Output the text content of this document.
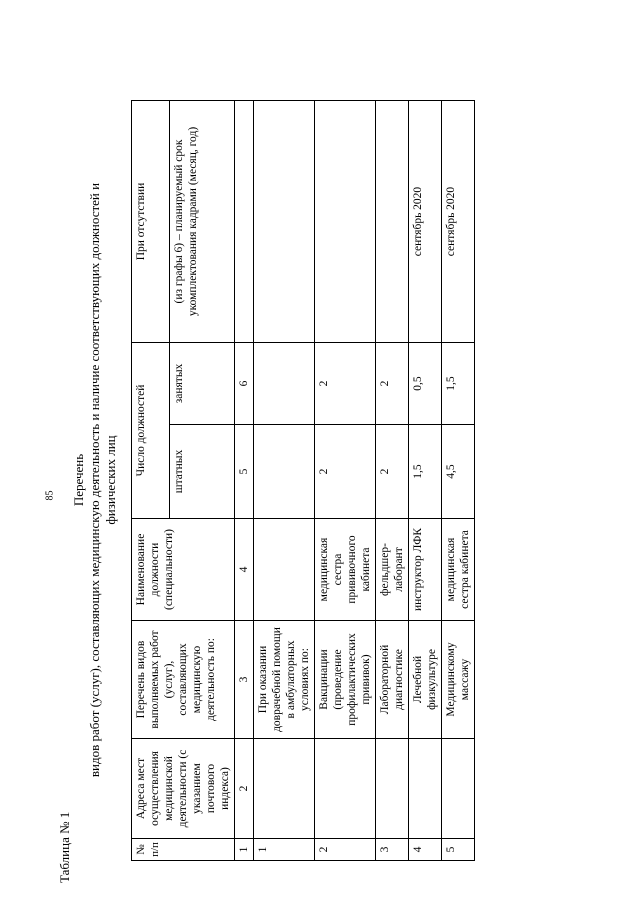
85
Таблица № 1
Перечень видов работ (услуг), составляющих медицинскую деятельность и наличие соответствующих должностей и физических лиц
№ п/п	Адреса мест осуществления медицинской деятельности (с указанием почтового индекса)	Перечень видов выполняемых работ (услуг), составляющих медицинскую деятельность по:	Наименование должности (специальности)	Число должностей		При отсутствии
				штатных	занятых	(из графы 6) – планируемый срок укомплектования кадрами (месяц, год)
1	2	3	4	5	6	
1		При оказании доврачебной помощи в амбулаторных условиях по:				
2		Вакцинации (проведение профилактических прививок)	медицинская сестра прививочного кабинета	2	2	
3		Лабораторной диагностике	фельдшер-лаборант	2	2	
4		Лечебной физкультуре	инструктор ЛФК	1,5	0,5	сентябрь 2020
5		Медицинскому массажу	медицинская сестра кабинета	4,5	1,5	сентябрь 2020
